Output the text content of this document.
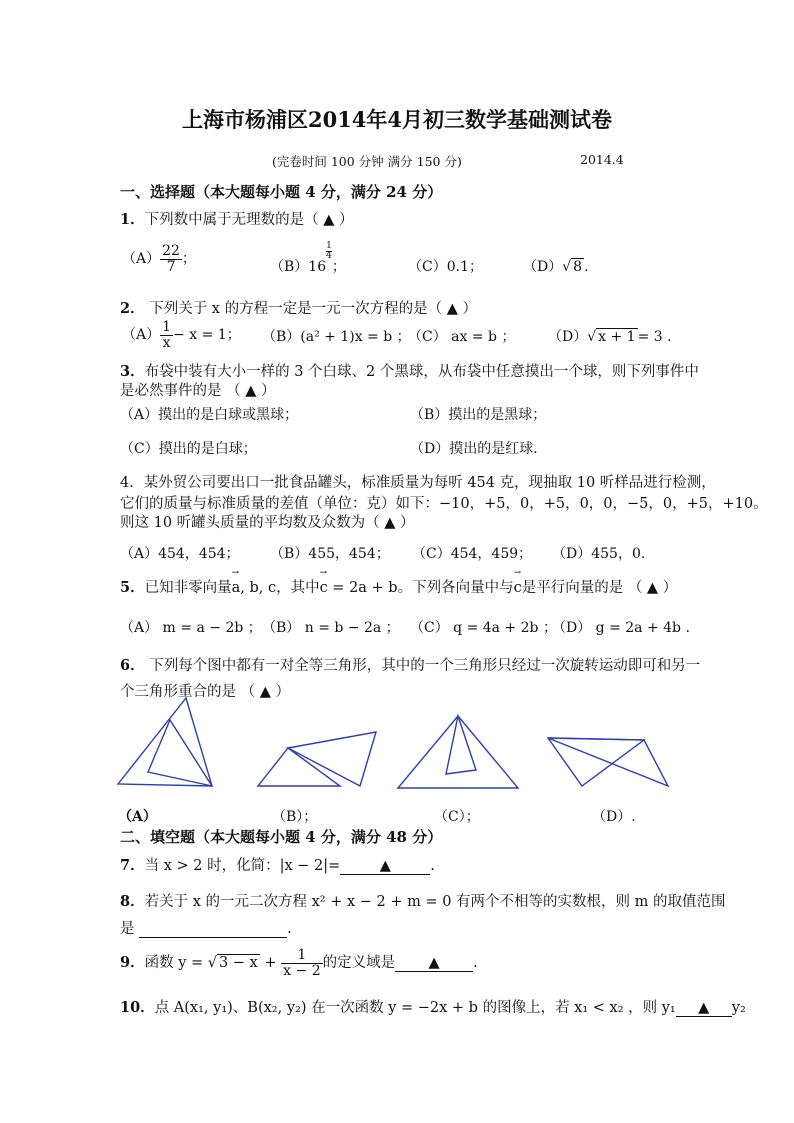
上海市杨浦区2014年4月初三数学基础测试卷
(完卷时间 100 分钟 满分 150 分)	2014.4
一、选择题（本大题每小题 4 分，满分 24 分）
1．下列数中属于无理数的是（ ▲ ）
$(A) \frac{22}{7}$ ；	（B）16
$\frac{1}{4}$
；	（C）0.1；	（D）√ 8 .
2． 下列关于 x 的方程一定是一元一次方程的是（ ▲ ）
$(A) \frac{1}{x} - x = 1$； （B）(a² + 1)x = b ；
（C） ax = b ； （D）√ x + 1 = 3 .
3．布袋中装有大小一样的 3 个白球、2 个黑球，从布袋中任意摸出一个球，则下列事件中
是必然事件的是 （ ▲ ）
（A）摸出的是白球或黑球；	（B）摸出的是黑球；
（C）摸出的是白球；	（D）摸出的是红球．
4．某外贸公司要出口一批食品罐头，标准质量为每听 454 克，现抽取 10 听样品进行检测，
它们的质量与标准质量的差值（单位：克）如下：−10，+5，0，+5，0，0，−5，0，+5，+10。
则这 10 听罐头质量的平均数及众数为（ ▲ ）
（A）454，454； （B）455，454； （C）454，459； （D）455，0.
5．已知非零向量→ a, b, c，其中→ c = 2a + b。下列各向量中与→ c是平行向量的是 （ ▲ ）
（A） m = a − 2b ； （B） n = b − 2a ； （C） q = 4a + 2b ；
（D） g = 2a + 4b .
6． 下列每个图中都有一对全等三角形，其中的一个三角形只经过一次旋转运动即可和另一
个三角形重合的是 （ ▲ ）
（A）	（B）；	（C）；	（D）.
二、填空题（本大题每小题 4 分，满分 48 分）
7．当 x > 2 时，化简：|x − 2|=	▲	.
8．若关于 x 的一元二次方程 x² + x − 2 + m = 0 有两个不相等的实数根，则 m 的取值范围
是	.
9．函数 y = √ $3 - x + \frac{1}{x - 2}$ 的定义域是 ▲ .
10．点 A(x₁, y₁)、B(x₂, y₂) 在一次函数 y = −2x + b 的图像上，若 x₁ < x₂ ，则 y₁ ▲ y₂
